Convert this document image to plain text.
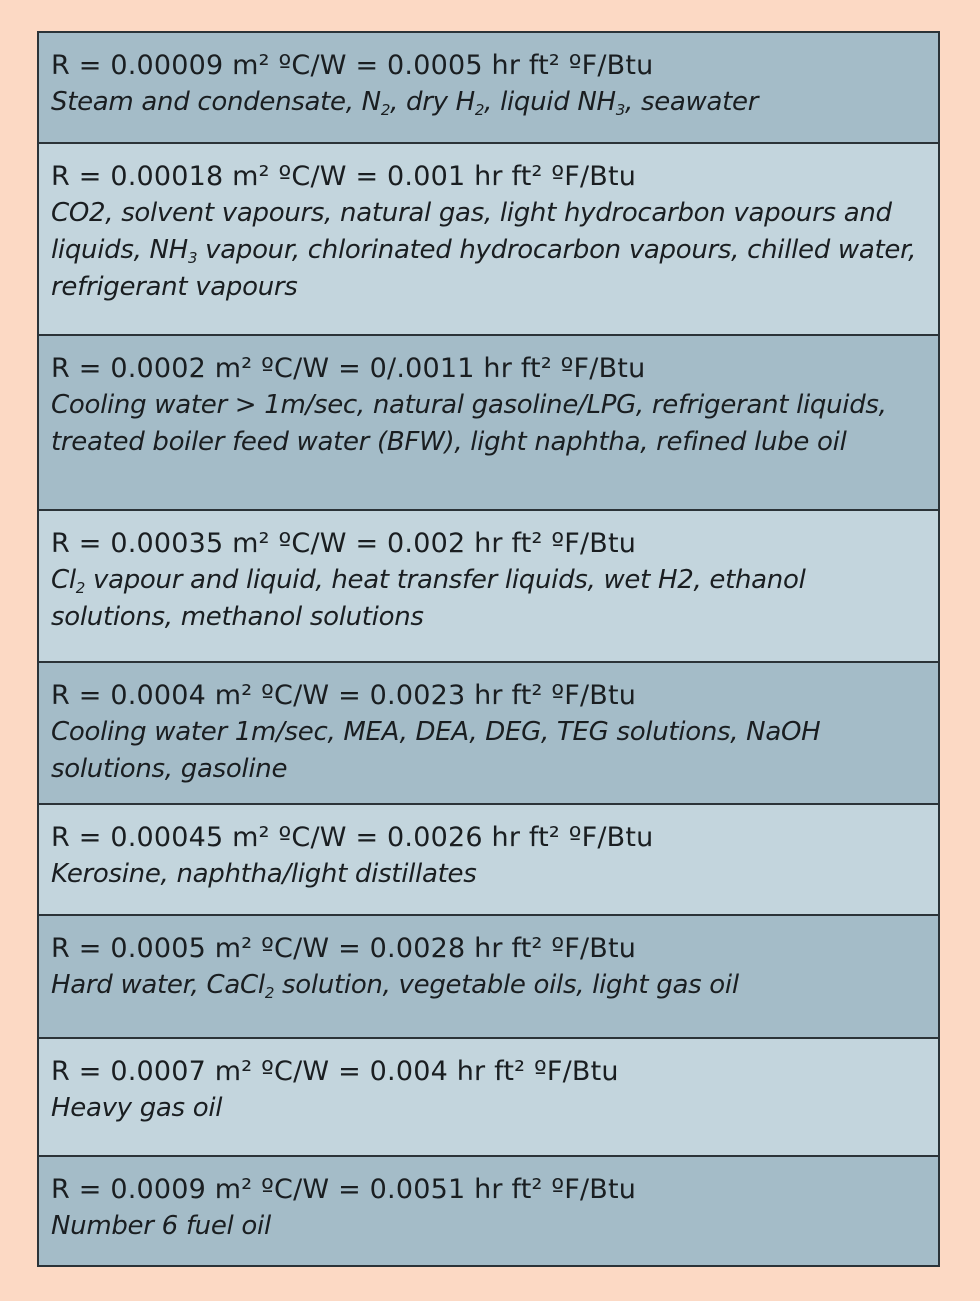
R = 0.00009 m² ºC/W = 0.0005 hr ft² ºF/Btu
Steam and condensate, $N_2$, dry $H_2$, liquid $NH_3$, seawater
R = 0.00018 m² ºC/W = 0.001 hr ft² ºF/Btu
CO2, solvent vapours, natural gas, light hydrocarbon vapours and liquids, $NH_3$ vapour, chlorinated hydrocarbon vapours, chilled water, refrigerant vapours
R = 0.0002 m² ºC/W = 0/.0011 hr ft² ºF/Btu
Cooling water > 1m/sec, natural gasoline/LPG, refrigerant liquids, treated boiler feed water (BFW), light naphtha, refined lube oil
R = 0.00035 m² ºC/W = 0.002 hr ft² ºF/Btu
$Cl_2$ vapour and liquid, heat transfer liquids, wet H2, ethanol solutions, methanol solutions
R = 0.0004 m² ºC/W = 0.0023 hr ft² ºF/Btu
Cooling water 1m/sec, MEA, DEA, DEG, TEG solutions, NaOH solutions, gasoline
R = 0.00045 m² ºC/W = 0.0026 hr ft² ºF/Btu
Kerosine, naphtha/light distillates
R = 0.0005 m² ºC/W = 0.0028 hr ft² ºF/Btu
Hard water, CaCl$_2$ solution, vegetable oils, light gas oil
R = 0.0007 m² ºC/W = 0.004 hr ft² ºF/Btu
Heavy gas oil
R = 0.0009 m² ºC/W = 0.0051 hr ft² ºF/Btu
Number 6 fuel oil
